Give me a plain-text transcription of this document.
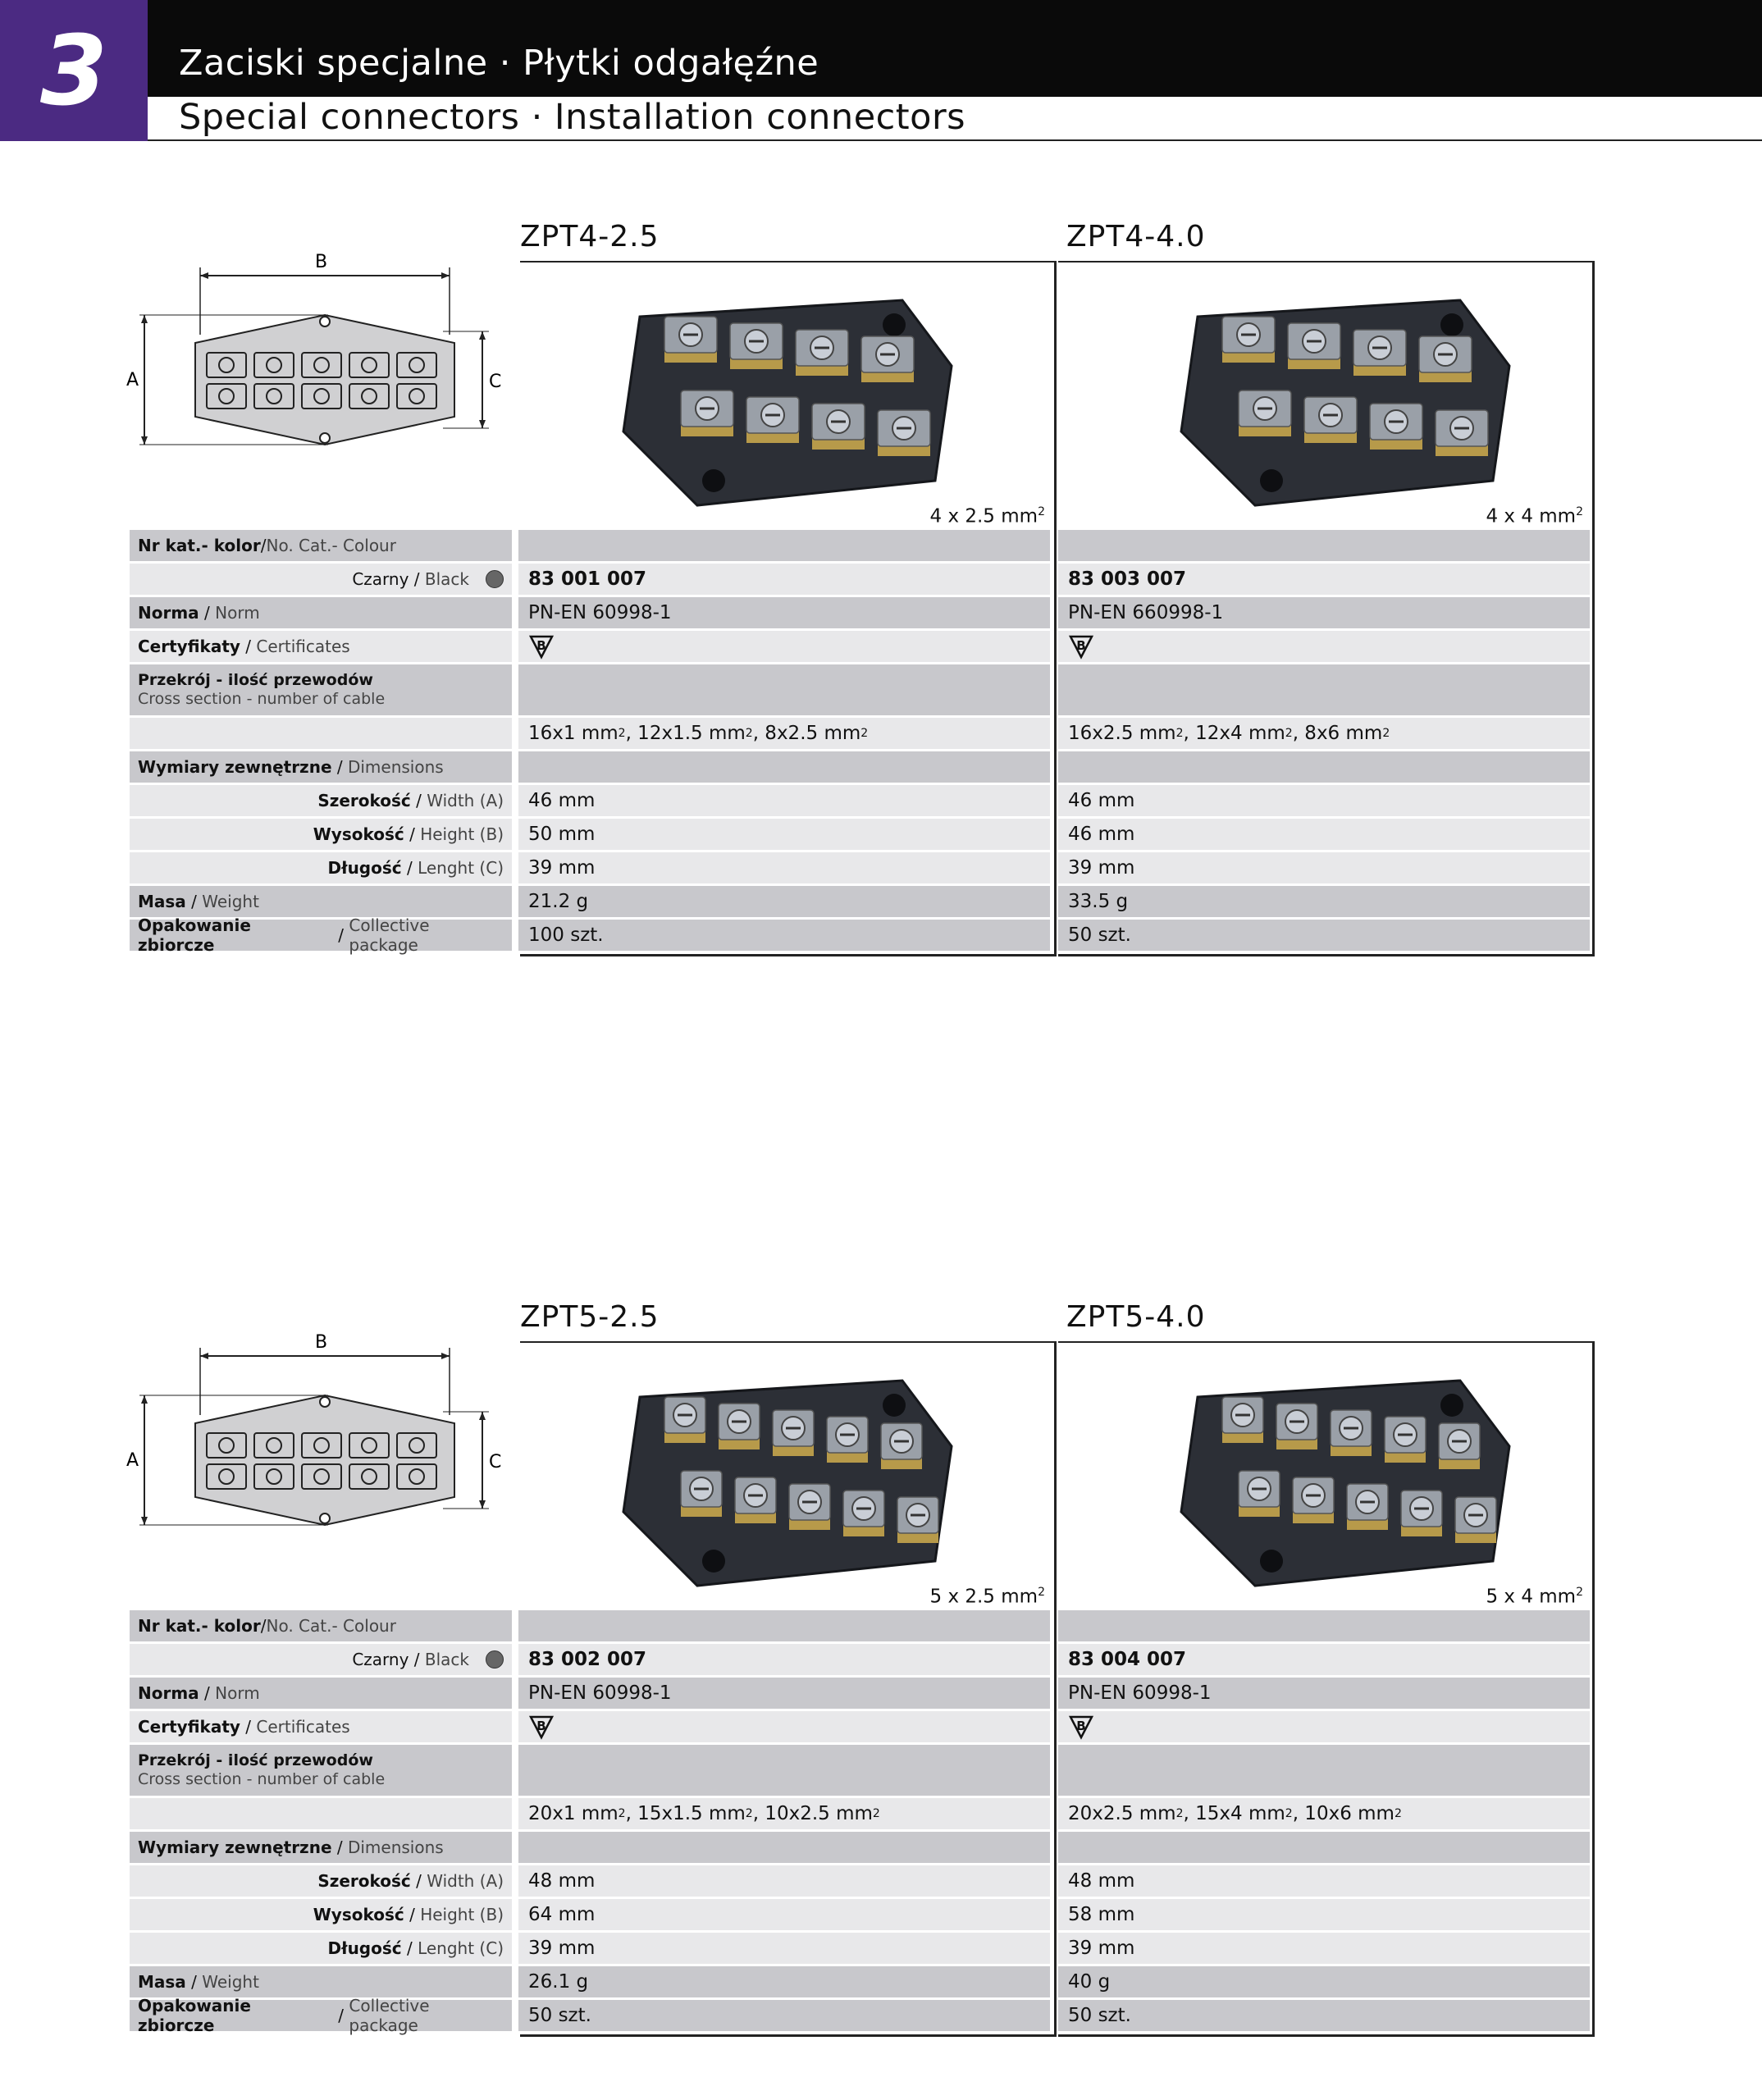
3	Zaciski specjalne · Płytki odgałęźne
Special connectors · Installation connectors
B
A	C
ZPT4-2.5	ZPT4-4.0
4 x 2.5 $mm^2$	4 x 4 $mm^2$
Nr kat.- kolor / No. Cat.- Colour
Czarny / Black	83 001 007	83 003 007
Norma / Norm	PN-EN 60998-1	PN-EN 660998-1
Certyfikaty / Certificates	B	B
Przekrój - ilość przewodów
Cross section - number of cable
16x1 mm 2 , 12x1.5 mm 2 , 8x2.5 mm 2	16x2.5 mm 2 , 12x4 mm 2 , 8x6 mm 2
Wymiary zewnętrzne / Dimensions
Szerokość / Width (A)	46 mm	46 mm
Wysokość / Height (B)	50 mm	46 mm
Długość / Lenght (C)	39 mm	39 mm
Masa / Weight	21.2 g	33.5 g
Opakowanie zbiorcze	/ Collective package	100 szt.	50 szt.
B
A	C
ZPT5-2.5	ZPT5-4.0
5 x 2.5 $mm^2$	5 x 4 $mm^2$
Nr kat.- kolor / No. Cat.- Colour
Czarny / Black	83 002 007	83 004 007
Norma / Norm	PN-EN 60998-1	PN-EN 60998-1
Certyfikaty / Certificates	B	B
Przekrój - ilość przewodów
Cross section - number of cable
20x1 mm 2 , 15x1.5 mm 2 , 10x2.5 mm 2	20x2.5 mm 2 , 15x4 mm 2 , 10x6 mm 2
Wymiary zewnętrzne / Dimensions
Szerokość / Width (A)	48 mm	48 mm
Wysokość / Height (B)	64 mm	58 mm
Długość / Lenght (C)	39 mm	39 mm
Masa / Weight	26.1 g	40 g
Opakowanie zbiorcze	/ Collective package	50 szt.	50 szt.
